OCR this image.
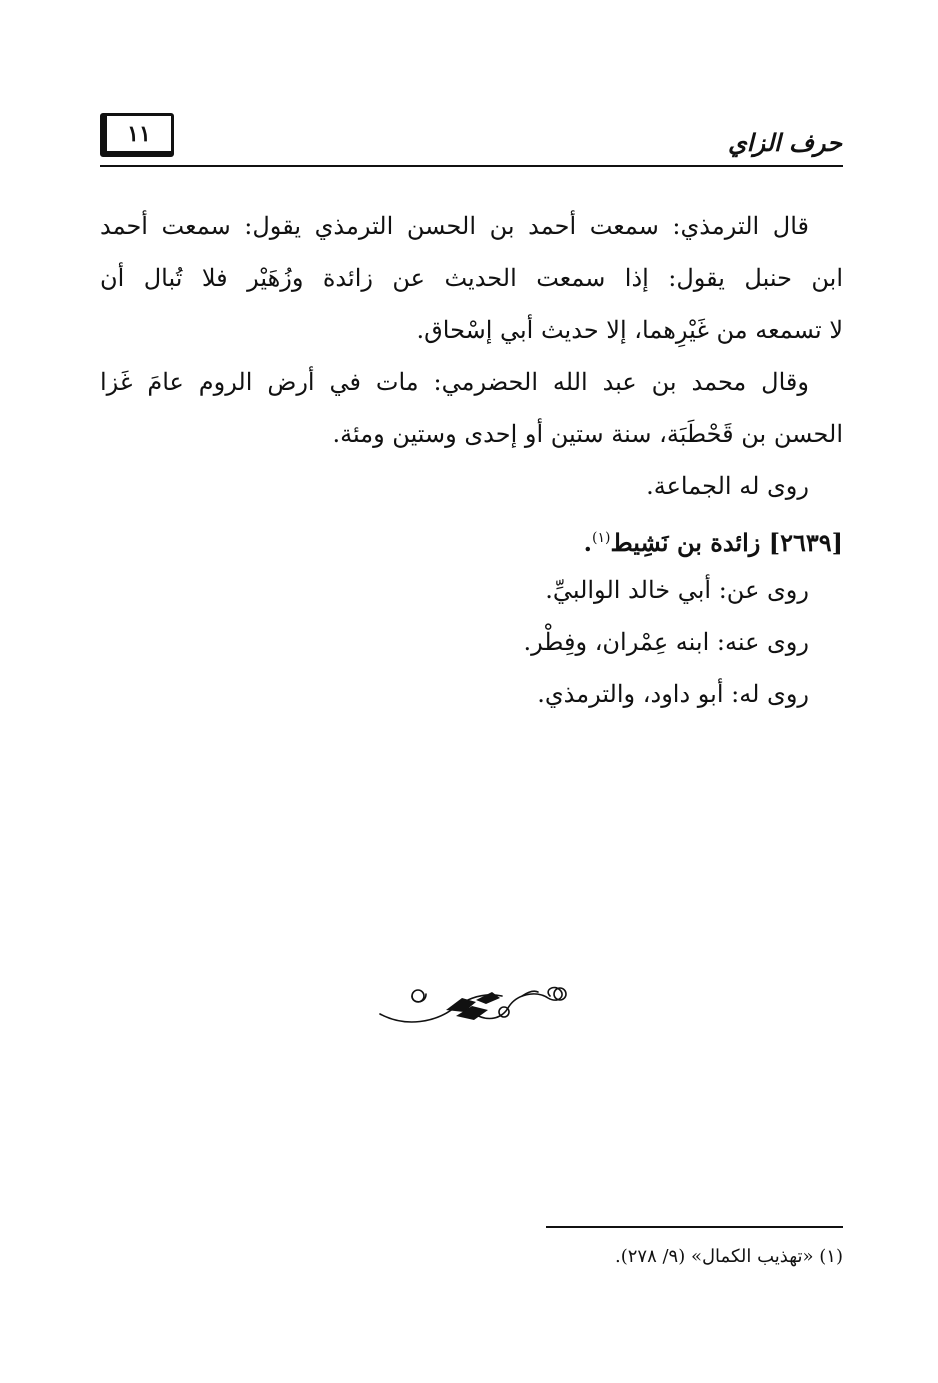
حرف الزاي
١١
قال الترمذي: سمعت أحمد بن الحسن الترمذي يقول: سمعت أحمد
ابن حنبل يقول: إذا سمعت الحديث عن زائدة وزُهَيْر فلا تُبال أن
لا تسمعه من غَيْرِهما، إلا حديث أبي إسْحاق.
وقال محمد بن عبد الله الحضرمي: مات في أرض الروم عامَ غَزا
الحسن بن قَحْطَبَة، سنة ستين أو إحدى وستين ومئة.
روى له الجماعة.
[٢٦٣٩] زائدة بن نَشِيط$^{(١)}$.
روى عن: أبي خالد الوالبيِّ.
روى عنه: ابنه عِمْران، وفِطْر.
روى له: أبو داود، والترمذي.
(١) «تهذيب الكمال» (٩/ ٢٧٨).
